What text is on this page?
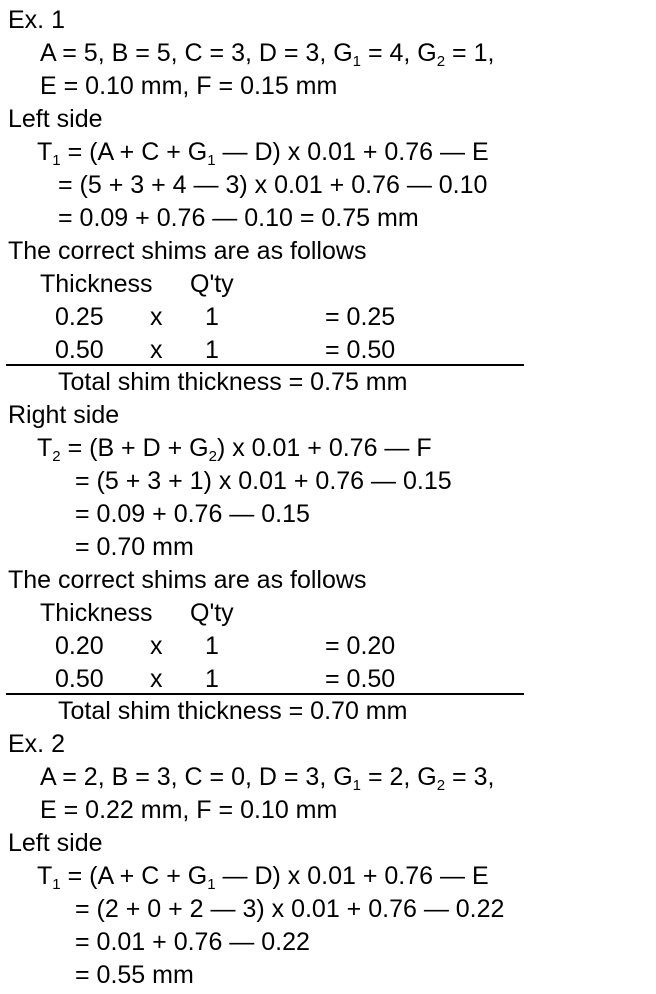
Ex. 1
A = 5, B = 5, C = 3, D = 3, $G_1 = 4$, $G_2 = 1$,
E = 0.10 mm, F = 0.15 mm
Left side
$T_1 = (A + C + G_1$ — D) x 0.01 + 0.76 — E
= (5 + 3 + 4 — 3) x 0.01 + 0.76 — 0.10
= 0.09 + 0.76 — 0.10 = 0.75 mm
The correct shims are as follows
Thickness Q'ty
0.25 x 1	= 0.25
0.50 x 1	= 0.50
Total shim thickness = 0.75 mm
Right side
$T_2 = (B + D + G_2)$ x 0.01 + 0.76 — F
= (5 + 3 + 1) x 0.01 + 0.76 — 0.15
= 0.09 + 0.76 — 0.15
= 0.70 mm
The correct shims are as follows
Thickness Q'ty
0.20 x 1	= 0.20
0.50 x 1	= 0.50
Total shim thickness = 0.70 mm
Ex. 2
A = 2, B = 3, C = 0, D = 3, $G_1 = 2$, $G_2 = 3$,
E = 0.22 mm, F = 0.10 mm
Left side
$T_1 = (A + C + G_1$ — D) x 0.01 + 0.76 — E
= (2 + 0 + 2 — 3) x 0.01 + 0.76 — 0.22
= 0.01 + 0.76 — 0.22
= 0.55 mm
